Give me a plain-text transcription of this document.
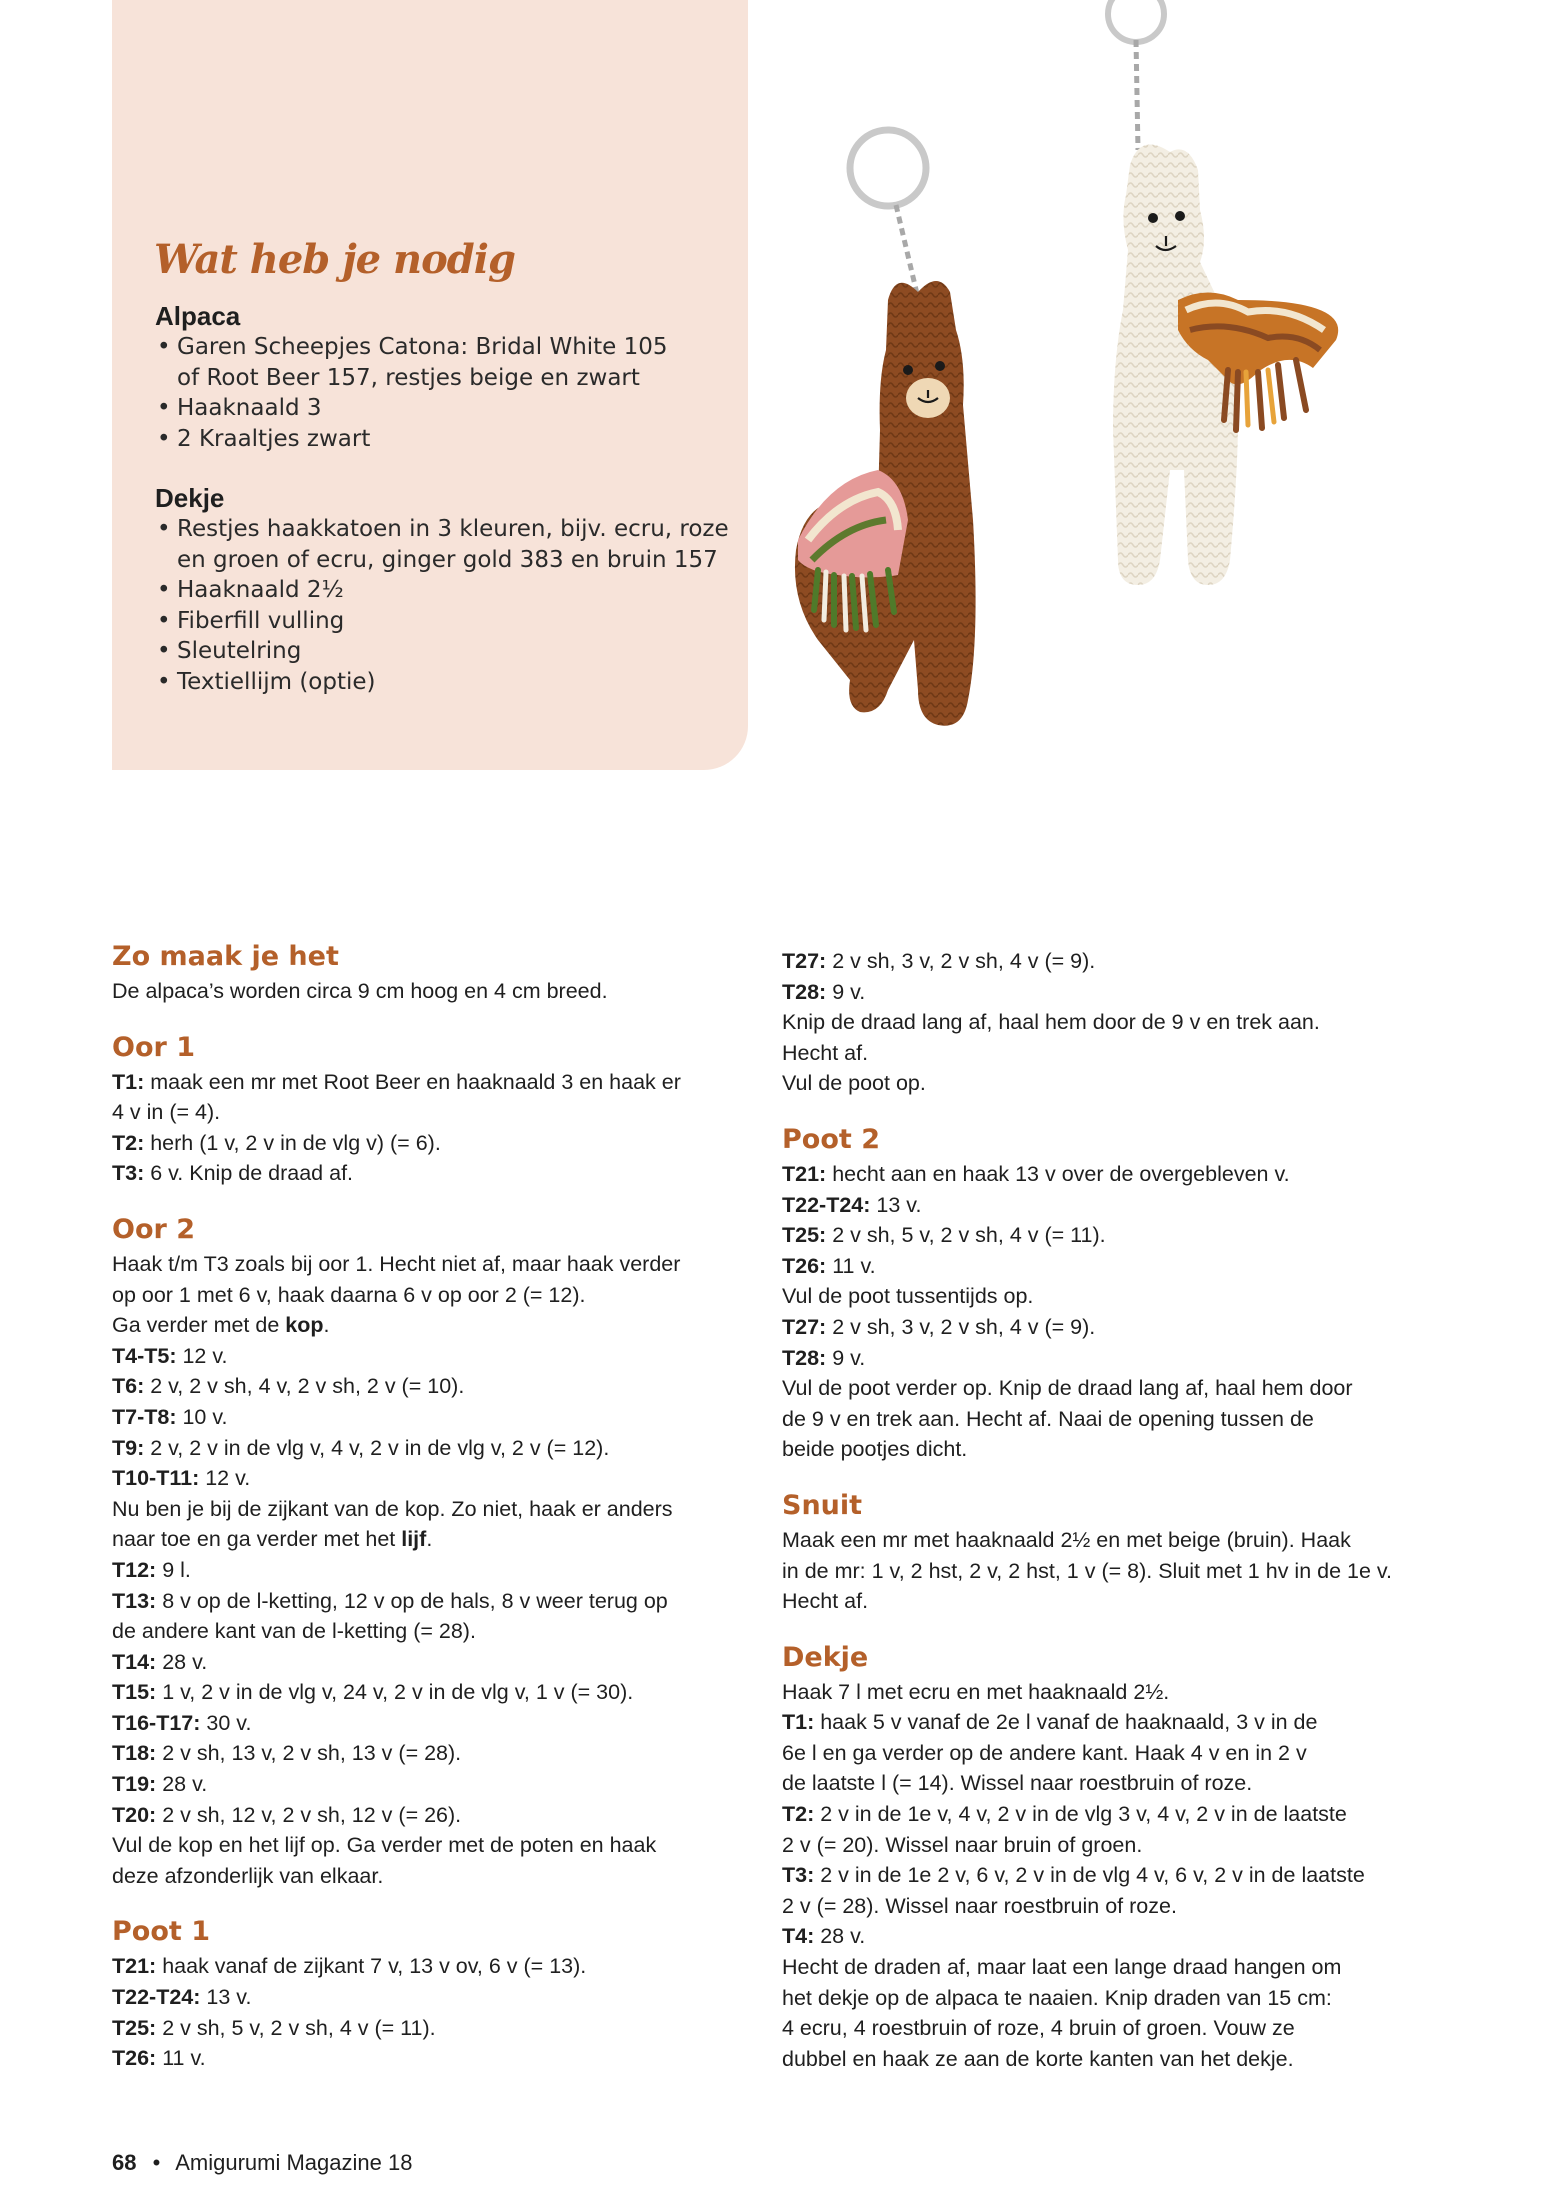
Wat heb je nodig
Alpaca
• Garen Scheepjes Catona: Bridal White 105
of Root Beer 157, restjes beige en zwart
• Haaknaald 3
• 2 Kraaltjes zwart
Dekje
• Restjes haakkatoen in 3 kleuren, bijv. ecru, roze
en groen of ecru, ginger gold 383 en bruin 157
• Haaknaald 2½
• Fiberfill vulling
• Sleutelring
• Textiellijm (optie)
Zo maak je het
De alpaca’s worden circa 9 cm hoog en 4 cm breed.
Oor 1
T1: maak een mr met Root Beer en haaknaald 3 en haak er
4 v in (= 4).
T2: herh (1 v, 2 v in de vlg v) (= 6).
T3: 6 v. Knip de draad af.
Oor 2
Haak t/m T3 zoals bij oor 1. Hecht niet af, maar haak verder
op oor 1 met 6 v, haak daarna 6 v op oor 2 (= 12).
Ga verder met de kop.
T4-T5: 12 v.
T6: 2 v, 2 v sh, 4 v, 2 v sh, 2 v (= 10).
T7-T8: 10 v.
T9: 2 v, 2 v in de vlg v, 4 v, 2 v in de vlg v, 2 v (= 12).
T10-T11: 12 v.
Nu ben je bij de zijkant van de kop. Zo niet, haak er anders
naar toe en ga verder met het lijf.
T12: 9 l.
T13: 8 v op de l-ketting, 12 v op de hals, 8 v weer terug op
de andere kant van de l-ketting (= 28).
T14: 28 v.
T15: 1 v, 2 v in de vlg v, 24 v, 2 v in de vlg v, 1 v (= 30).
T16-T17: 30 v.
T18: 2 v sh, 13 v, 2 v sh, 13 v (= 28).
T19: 28 v.
T20: 2 v sh, 12 v, 2 v sh, 12 v (= 26).
Vul de kop en het lijf op. Ga verder met de poten en haak
deze afzonderlijk van elkaar.
Poot 1
T21: haak vanaf de zijkant 7 v, 13 v ov, 6 v (= 13).
T22-T24: 13 v.
T25: 2 v sh, 5 v, 2 v sh, 4 v (= 11).
T26: 11 v.
T27: 2 v sh, 3 v, 2 v sh, 4 v (= 9).
T28: 9 v.
Knip de draad lang af, haal hem door de 9 v en trek aan.
Hecht af.
Vul de poot op.
Poot 2
T21: hecht aan en haak 13 v over de overgebleven v.
T22-T24: 13 v.
T25: 2 v sh, 5 v, 2 v sh, 4 v (= 11).
T26: 11 v.
Vul de poot tussentijds op.
T27: 2 v sh, 3 v, 2 v sh, 4 v (= 9).
T28: 9 v.
Vul de poot verder op. Knip de draad lang af, haal hem door
de 9 v en trek aan. Hecht af. Naai de opening tussen de
beide pootjes dicht.
Snuit
Maak een mr met haaknaald 2½ en met beige (bruin). Haak
in de mr: 1 v, 2 hst, 2 v, 2 hst, 1 v (= 8). Sluit met 1 hv in de 1e v.
Hecht af.
Dekje
Haak 7 l met ecru en met haaknaald 2½.
T1: haak 5 v vanaf de 2e l vanaf de haaknaald, 3 v in de
6e l en ga verder op de andere kant. Haak 4 v en in 2 v
de laatste l (= 14). Wissel naar roestbruin of roze.
T2: 2 v in de 1e v, 4 v, 2 v in de vlg 3 v, 4 v, 2 v in de laatste
2 v (= 20). Wissel naar bruin of groen.
T3: 2 v in de 1e 2 v, 6 v, 2 v in de vlg 4 v, 6 v, 2 v in de laatste
2 v (= 28). Wissel naar roestbruin of roze.
T4: 28 v.
Hecht de draden af, maar laat een lange draad hangen om
het dekje op de alpaca te naaien. Knip draden van 15 cm:
4 ecru, 4 roestbruin of roze, 4 bruin of groen. Vouw ze
dubbel en haak ze aan de korte kanten van het dekje.
68 • Amigurumi Magazine 18
